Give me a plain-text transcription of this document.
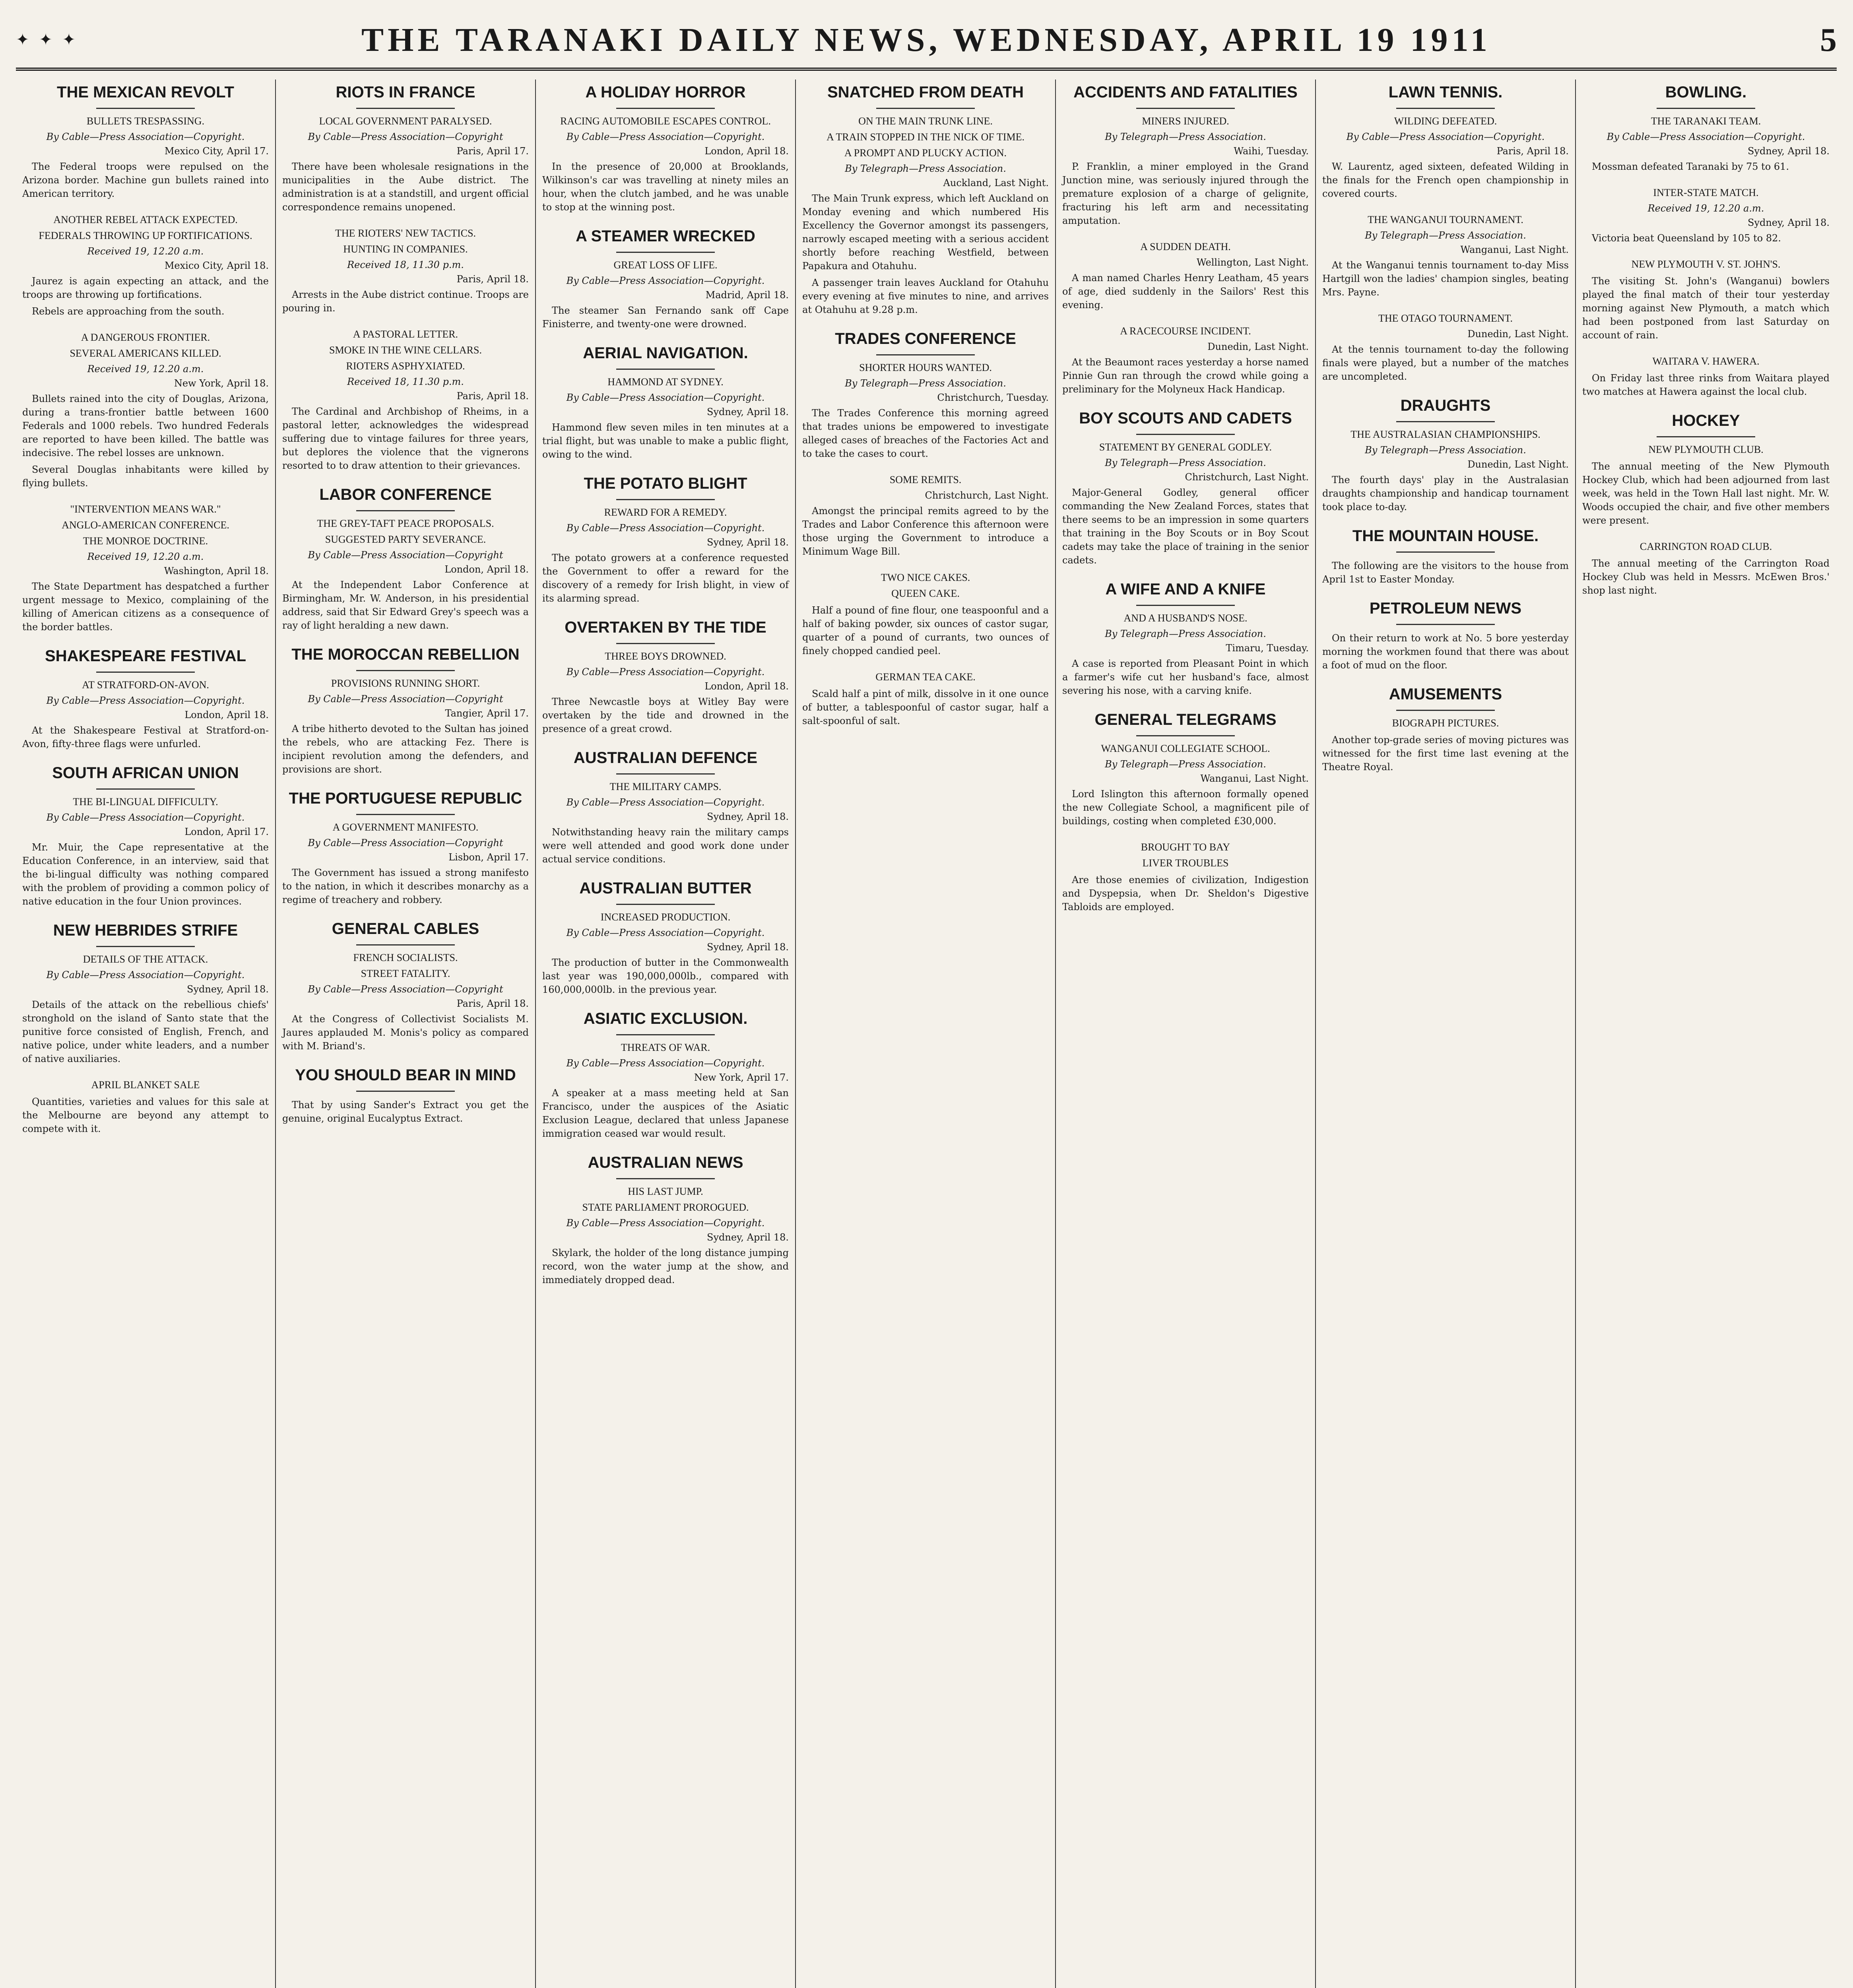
✦ ✦ ✦	THE TARANAKI DAILY NEWS, WEDNESDAY, APRIL 19 1911	5
THE MEXICAN REVOLT
BULLETS TRESPASSING.
By Cable—Press Association—Copyright.
Mexico City, April 17.

The Federal troops were repulsed on the Arizona border. Machine gun bullets rained into American territory.

ANOTHER REBEL ATTACK EXPECTED.
FEDERALS THROWING UP FORTIFICATIONS.
Received 19, 12.20 a.m.
Mexico City, April 18.

Jaurez is again expecting an attack, and the troops are throwing up fortifications.

Rebels are approaching from the south.

A DANGEROUS FRONTIER.
SEVERAL AMERICANS KILLED.
Received 19, 12.20 a.m.
New York, April 18.

Bullets rained into the city of Douglas, Arizona, during a trans-frontier battle between 1600 Federals and 1000 rebels. Two hundred Federals are reported to have been killed. The battle was indecisive. The rebel losses are unknown.

Several Douglas inhabitants were killed by flying bullets.

"INTERVENTION MEANS WAR."
ANGLO-AMERICAN CONFERENCE.
THE MONROE DOCTRINE.
Received 19, 12.20 a.m.
Washington, April 18.

The State Department has despatched a further urgent message to Mexico, complaining of the killing of American citizens as a consequence of the border battles.

SHAKESPEARE FESTIVAL
AT STRATFORD-ON-AVON.
By Cable—Press Association—Copyright.
London, April 18.

At the Shakespeare Festival at Stratford-on-Avon, fifty-three flags were unfurled.

SOUTH AFRICAN UNION
THE BI-LINGUAL DIFFICULTY.
By Cable—Press Association—Copyright.
London, April 17.

Mr. Muir, the Cape representative at the Education Conference, in an interview, said that the bi-lingual difficulty was nothing compared with the problem of providing a common policy of native education in the four Union provinces.

NEW HEBRIDES STRIFE
DETAILS OF THE ATTACK.
By Cable—Press Association—Copyright.
Sydney, April 18.

Details of the attack on the rebellious chiefs' stronghold on the island of Santo state that the punitive force consisted of English, French, and native police, under white leaders, and a number of native auxiliaries.

APRIL BLANKET SALE

Quantities, varieties and values for this sale at the Melbourne are beyond any attempt to compete with it.

RIOTS IN FRANCE
LOCAL GOVERNMENT PARALYSED.
By Cable—Press Association—Copyright
Paris, April 17.

There have been wholesale resignations in the municipalities in the Aube district. The administration is at a standstill, and urgent official correspondence remains unopened.

THE RIOTERS' NEW TACTICS.
HUNTING IN COMPANIES.
Received 18, 11.30 p.m.
Paris, April 18.

Arrests in the Aube district continue. Troops are pouring in.

A PASTORAL LETTER.
SMOKE IN THE WINE CELLARS.
RIOTERS ASPHYXIATED.
Received 18, 11.30 p.m.
Paris, April 18.

The Cardinal and Archbishop of Rheims, in a pastoral letter, acknowledges the widespread suffering due to vintage failures for three years, but deplores the violence that the vignerons resorted to to draw attention to their grievances.

LABOR CONFERENCE
THE GREY-TAFT PEACE PROPOSALS.
SUGGESTED PARTY SEVERANCE.
By Cable—Press Association—Copyright
London, April 18.

At the Independent Labor Conference at Birmingham, Mr. W. Anderson, in his presidential address, said that Sir Edward Grey's speech was a ray of light heralding a new dawn.

THE MOROCCAN REBELLION
PROVISIONS RUNNING SHORT.
By Cable—Press Association—Copyright
Tangier, April 17.

A tribe hitherto devoted to the Sultan has joined the rebels, who are attacking Fez. There is incipient revolution among the defenders, and provisions are short.

THE PORTUGUESE REPUBLIC
A GOVERNMENT MANIFESTO.
By Cable—Press Association—Copyright
Lisbon, April 17.

The Government has issued a strong manifesto to the nation, in which it describes monarchy as a regime of treachery and robbery.

GENERAL CABLES
FRENCH SOCIALISTS.
STREET FATALITY.
By Cable—Press Association—Copyright
Paris, April 18.

At the Congress of Collectivist Socialists M. Jaures applauded M. Monis's policy as compared with M. Briand's.

YOU SHOULD BEAR IN MIND

That by using Sander's Extract you get the genuine, original Eucalyptus Extract.

A HOLIDAY HORROR
RACING AUTOMOBILE ESCAPES CONTROL.
By Cable—Press Association—Copyright.
London, April 18.

In the presence of 20,000 at Brooklands, Wilkinson's car was travelling at ninety miles an hour, when the clutch jambed, and he was unable to stop at the winning post.

A STEAMER WRECKED
GREAT LOSS OF LIFE.
By Cable—Press Association—Copyright.
Madrid, April 18.

The steamer San Fernando sank off Cape Finisterre, and twenty-one were drowned.

AERIAL NAVIGATION.
HAMMOND AT SYDNEY.
By Cable—Press Association—Copyright.
Sydney, April 18.

Hammond flew seven miles in ten minutes at a trial flight, but was unable to make a public flight, owing to the wind.

THE POTATO BLIGHT
REWARD FOR A REMEDY.
By Cable—Press Association—Copyright.
Sydney, April 18.

The potato growers at a conference requested the Government to offer a reward for the discovery of a remedy for Irish blight, in view of its alarming spread.

OVERTAKEN BY THE TIDE
THREE BOYS DROWNED.
By Cable—Press Association—Copyright.
London, April 18.

Three Newcastle boys at Witley Bay were overtaken by the tide and drowned in the presence of a great crowd.

AUSTRALIAN DEFENCE
THE MILITARY CAMPS.
By Cable—Press Association—Copyright.
Sydney, April 18.

Notwithstanding heavy rain the military camps were well attended and good work done under actual service conditions.

AUSTRALIAN BUTTER
INCREASED PRODUCTION.
By Cable—Press Association—Copyright.
Sydney, April 18.

The production of butter in the Commonwealth last year was 190,000,000lb., compared with 160,000,000lb. in the previous year.

ASIATIC EXCLUSION.
THREATS OF WAR.
By Cable—Press Association—Copyright.
New York, April 17.

A speaker at a mass meeting held at San Francisco, under the auspices of the Asiatic Exclusion League, declared that unless Japanese immigration ceased war would result.

AUSTRALIAN NEWS
HIS LAST JUMP.
STATE PARLIAMENT PROROGUED.
By Cable—Press Association—Copyright.
Sydney, April 18.

Skylark, the holder of the long distance jumping record, won the water jump at the show, and immediately dropped dead.

SNATCHED FROM DEATH
ON THE MAIN TRUNK LINE.
A TRAIN STOPPED IN THE NICK OF TIME.
A PROMPT AND PLUCKY ACTION.
By Telegraph—Press Association.
Auckland, Last Night.

The Main Trunk express, which left Auckland on Monday evening and which numbered His Excellency the Governor amongst its passengers, narrowly escaped meeting with a serious accident shortly before reaching Westfield, between Papakura and Otahuhu.

A passenger train leaves Auckland for Otahuhu every evening at five minutes to nine, and arrives at Otahuhu at 9.28 p.m.

TRADES CONFERENCE
SHORTER HOURS WANTED.
By Telegraph—Press Association.
Christchurch, Tuesday.

The Trades Conference this morning agreed that trades unions be empowered to investigate alleged cases of breaches of the Factories Act and to take the cases to court.

SOME REMITS.
Christchurch, Last Night.

Amongst the principal remits agreed to by the Trades and Labor Conference this afternoon were those urging the Government to introduce a Minimum Wage Bill.

TWO NICE CAKES.
QUEEN CAKE.

Half a pound of fine flour, one teaspoonful and a half of baking powder, six ounces of castor sugar, quarter of a pound of currants, two ounces of finely chopped candied peel.

GERMAN TEA CAKE.

Scald half a pint of milk, dissolve in it one ounce of butter, a tablespoonful of castor sugar, half a salt-spoonful of salt.

ACCIDENTS AND FATALITIES
MINERS INJURED.
By Telegraph—Press Association.
Waihi, Tuesday.

P. Franklin, a miner employed in the Grand Junction mine, was seriously injured through the premature explosion of a charge of gelignite, fracturing his left arm and necessitating amputation.

A SUDDEN DEATH.
Wellington, Last Night.

A man named Charles Henry Leatham, 45 years of age, died suddenly in the Sailors' Rest this evening.

A RACECOURSE INCIDENT.
Dunedin, Last Night.

At the Beaumont races yesterday a horse named Pinnie Gun ran through the crowd while going a preliminary for the Molyneux Hack Handicap.

BOY SCOUTS AND CADETS
STATEMENT BY GENERAL GODLEY.
By Telegraph—Press Association.
Christchurch, Last Night.

Major-General Godley, general officer commanding the New Zealand Forces, states that there seems to be an impression in some quarters that training in the Boy Scouts or in Boy Scout cadets may take the place of training in the senior cadets.

A WIFE AND A KNIFE
AND A HUSBAND'S NOSE.
By Telegraph—Press Association.
Timaru, Tuesday.

A case is reported from Pleasant Point in which a farmer's wife cut her husband's face, almost severing his nose, with a carving knife.

GENERAL TELEGRAMS
WANGANUI COLLEGIATE SCHOOL.
By Telegraph—Press Association.
Wanganui, Last Night.

Lord Islington this afternoon formally opened the new Collegiate School, a magnificent pile of buildings, costing when completed £30,000.

BROUGHT TO BAY
LIVER TROUBLES

Are those enemies of civilization, Indigestion and Dyspepsia, when Dr. Sheldon's Digestive Tabloids are employed.

LAWN TENNIS.
WILDING DEFEATED.
By Cable—Press Association—Copyright.
Paris, April 18.

W. Laurentz, aged sixteen, defeated Wilding in the finals for the French open championship in covered courts.

THE WANGANUI TOURNAMENT.
By Telegraph—Press Association.
Wanganui, Last Night.

At the Wanganui tennis tournament to-day Miss Hartgill won the ladies' champion singles, beating Mrs. Payne.

THE OTAGO TOURNAMENT.
Dunedin, Last Night.

At the tennis tournament to-day the following finals were played, but a number of the matches are uncompleted.

DRAUGHTS
THE AUSTRALASIAN CHAMPIONSHIPS.
By Telegraph—Press Association.
Dunedin, Last Night.

The fourth days' play in the Australasian draughts championship and handicap tournament took place to-day.

THE MOUNTAIN HOUSE.

The following are the visitors to the house from April 1st to Easter Monday.

PETROLEUM NEWS

On their return to work at No. 5 bore yesterday morning the workmen found that there was about a foot of mud on the floor.

AMUSEMENTS
BIOGRAPH PICTURES.

Another top-grade series of moving pictures was witnessed for the first time last evening at the Theatre Royal.

BOWLING.
THE TARANAKI TEAM.
By Cable—Press Association—Copyright.
Sydney, April 18.

Mossman defeated Taranaki by 75 to 61.

INTER-STATE MATCH.
Received 19, 12.20 a.m.
Sydney, April 18.

Victoria beat Queensland by 105 to 82.

NEW PLYMOUTH V. ST. JOHN'S.

The visiting St. John's (Wanganui) bowlers played the final match of their tour yesterday morning against New Plymouth, a match which had been postponed from last Saturday on account of rain.

WAITARA V. HAWERA.

On Friday last three rinks from Waitara played two matches at Hawera against the local club.

HOCKEY
NEW PLYMOUTH CLUB.

The annual meeting of the New Plymouth Hockey Club, which had been adjourned from last week, was held in the Town Hall last night. Mr. W. Woods occupied the chair, and five other members were present.

CARRINGTON ROAD CLUB.

The annual meeting of the Carrington Road Hockey Club was held in Messrs. McEwen Bros.' shop last night.
